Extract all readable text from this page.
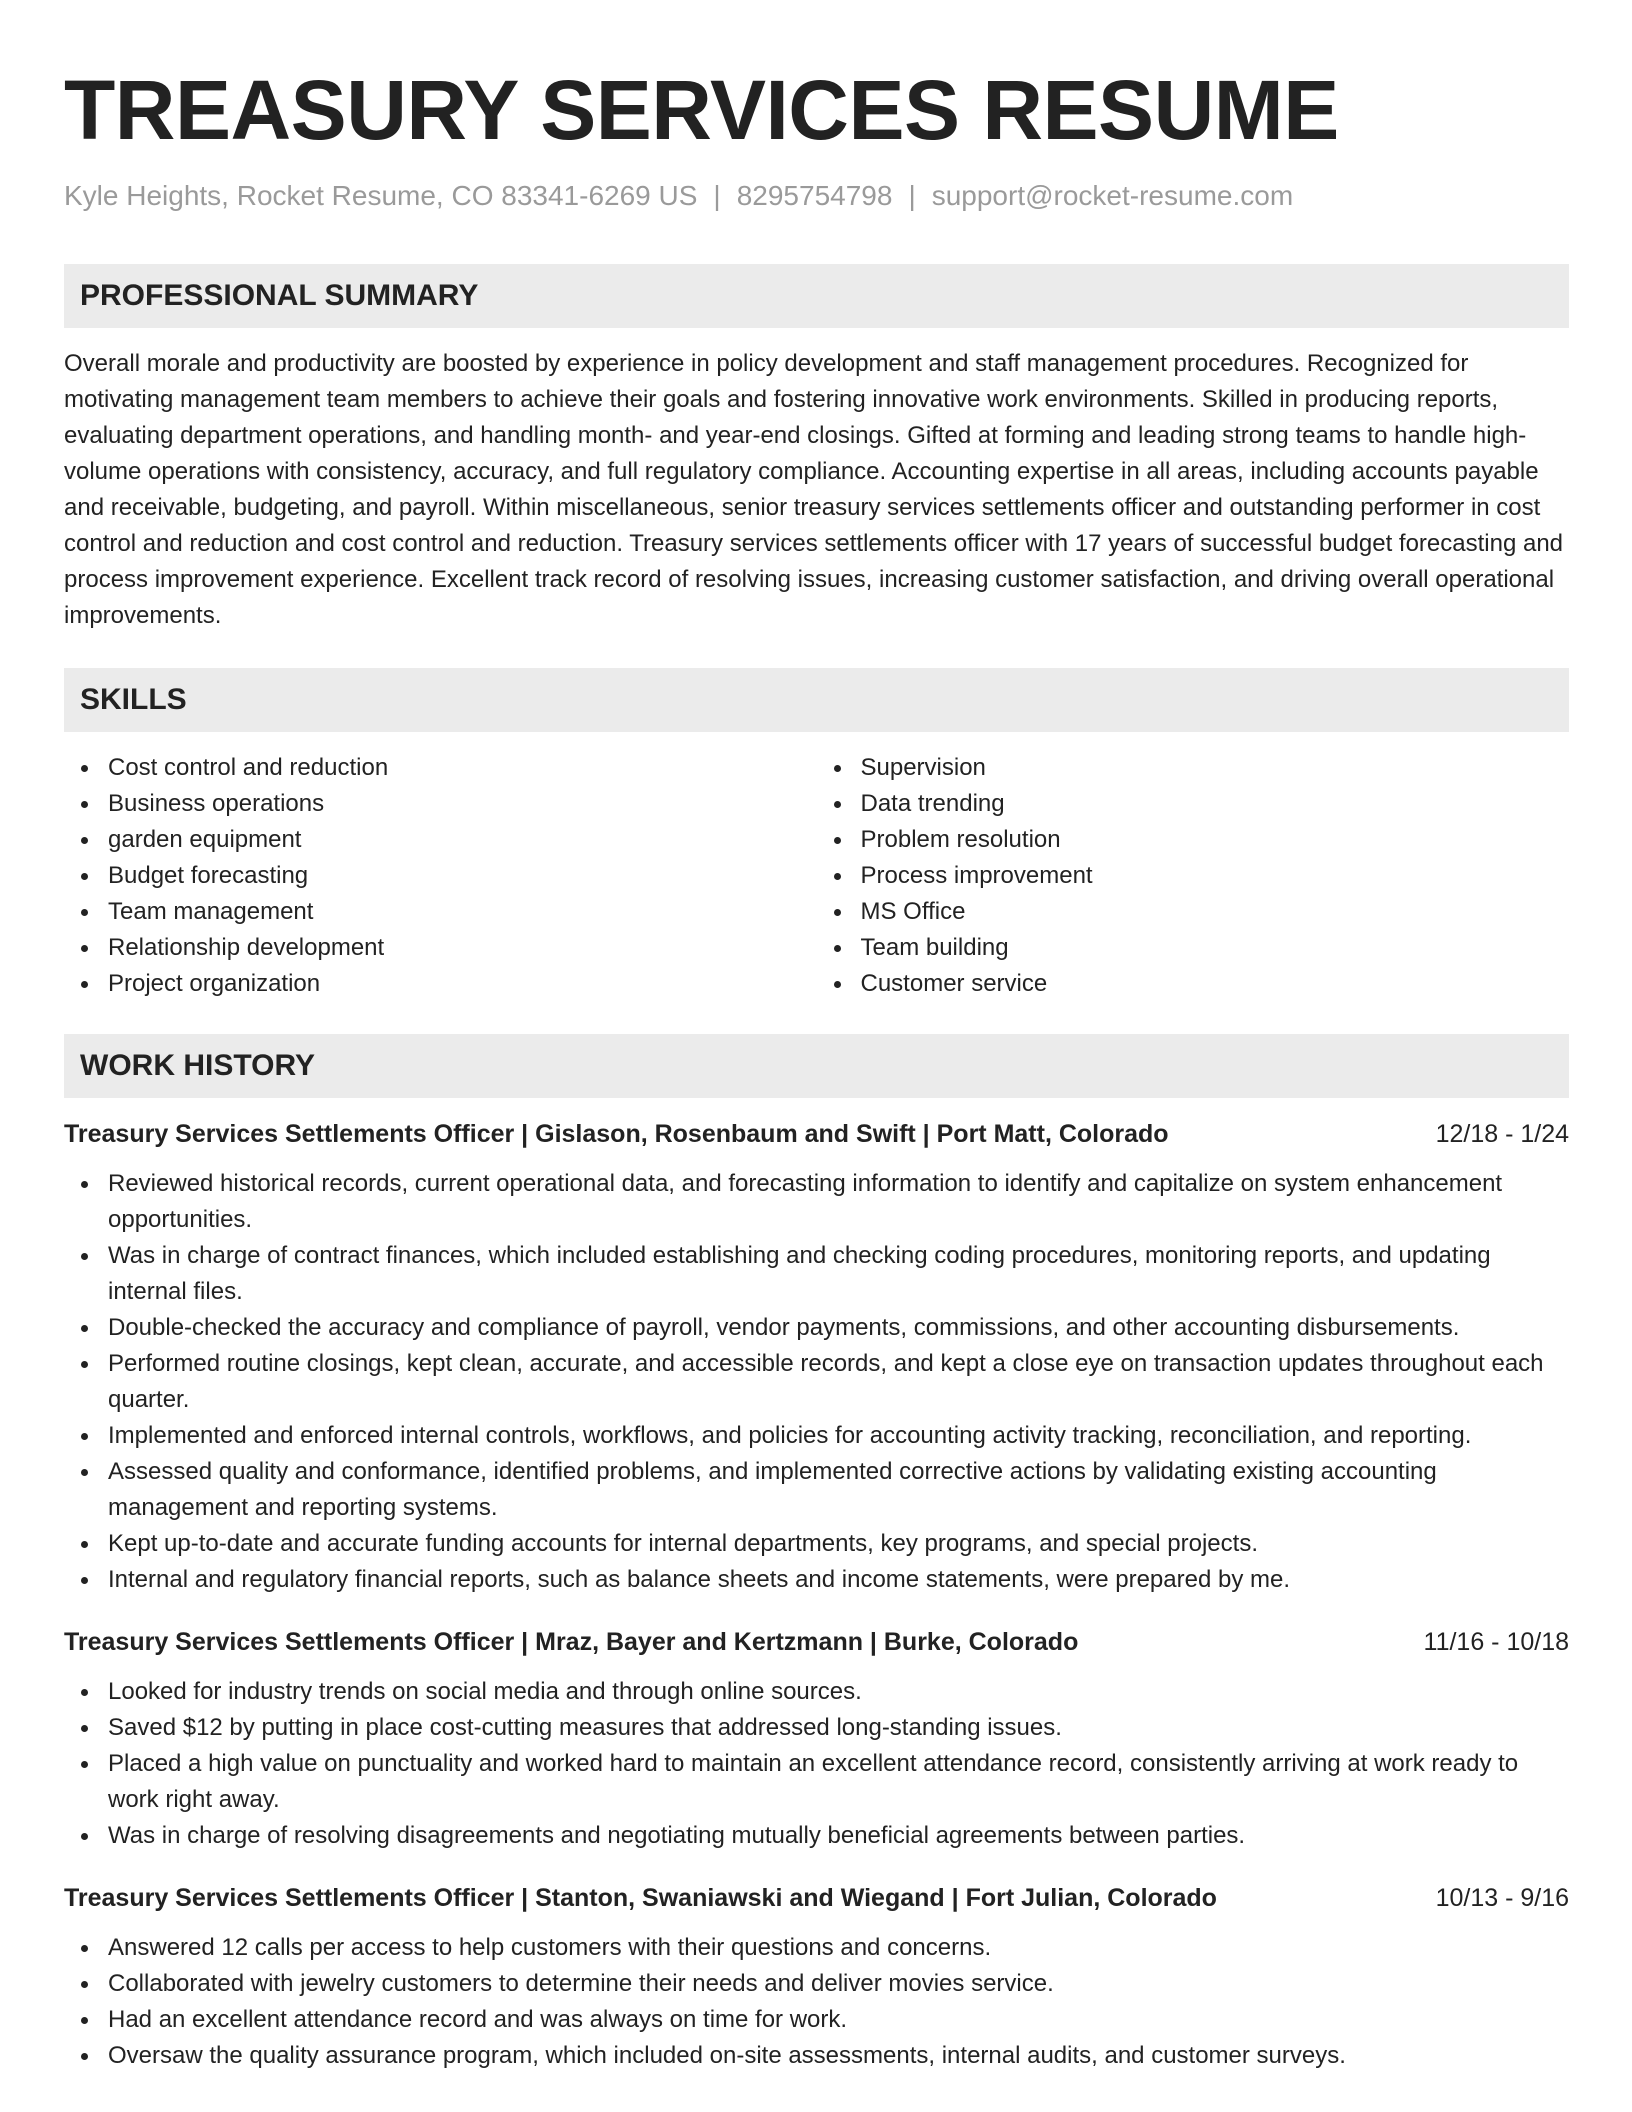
TREASURY SERVICES RESUME
Kyle Heights, Rocket Resume, CO 83341-6269 US | 8295754798 | support@rocket-resume.com
PROFESSIONAL SUMMARY

Overall morale and productivity are boosted by experience in policy development and staff management procedures. Recognized for motivating management team members to achieve their goals and fostering innovative work environments. Skilled in producing reports, evaluating department operations, and handling month- and year-end closings. Gifted at forming and leading strong teams to handle high-volume operations with consistency, accuracy, and full regulatory compliance. Accounting expertise in all areas, including accounts payable and receivable, budgeting, and payroll. Within miscellaneous, senior treasury services settlements officer and outstanding performer in cost control and reduction and cost control and reduction. Treasury services settlements officer with 17 years of successful budget forecasting and process improvement experience. Excellent track record of resolving issues, increasing customer satisfaction, and driving overall operational improvements.

SKILLS
Cost control and reduction
Business operations
garden equipment
Budget forecasting
Team management
Relationship development
Project organization
Supervision
Data trending
Problem resolution
Process improvement
MS Office
Team building
Customer service
WORK HISTORY
Treasury Services Settlements Officer | Gislason, Rosenbaum and Swift | Port Matt, Colorado	12/18 - 1/24
Reviewed historical records, current operational data, and forecasting information to identify and capitalize on system enhancement opportunities.
Was in charge of contract finances, which included establishing and checking coding procedures, monitoring reports, and updating internal files.
Double-checked the accuracy and compliance of payroll, vendor payments, commissions, and other accounting disbursements.
Performed routine closings, kept clean, accurate, and accessible records, and kept a close eye on transaction updates throughout each quarter.
Implemented and enforced internal controls, workflows, and policies for accounting activity tracking, reconciliation, and reporting.
Assessed quality and conformance, identified problems, and implemented corrective actions by validating existing accounting management and reporting systems.
Kept up-to-date and accurate funding accounts for internal departments, key programs, and special projects.
Internal and regulatory financial reports, such as balance sheets and income statements, were prepared by me.
Treasury Services Settlements Officer | Mraz, Bayer and Kertzmann | Burke, Colorado	11/16 - 10/18
Looked for industry trends on social media and through online sources.
Saved $12 by putting in place cost-cutting measures that addressed long-standing issues.
Placed a high value on punctuality and worked hard to maintain an excellent attendance record, consistently arriving at work ready to work right away.
Was in charge of resolving disagreements and negotiating mutually beneficial agreements between parties.
Treasury Services Settlements Officer | Stanton, Swaniawski and Wiegand | Fort Julian, Colorado	10/13 - 9/16
Answered 12 calls per access to help customers with their questions and concerns.
Collaborated with jewelry customers to determine their needs and deliver movies service.
Had an excellent attendance record and was always on time for work.
Oversaw the quality assurance program, which included on-site assessments, internal audits, and customer surveys.
